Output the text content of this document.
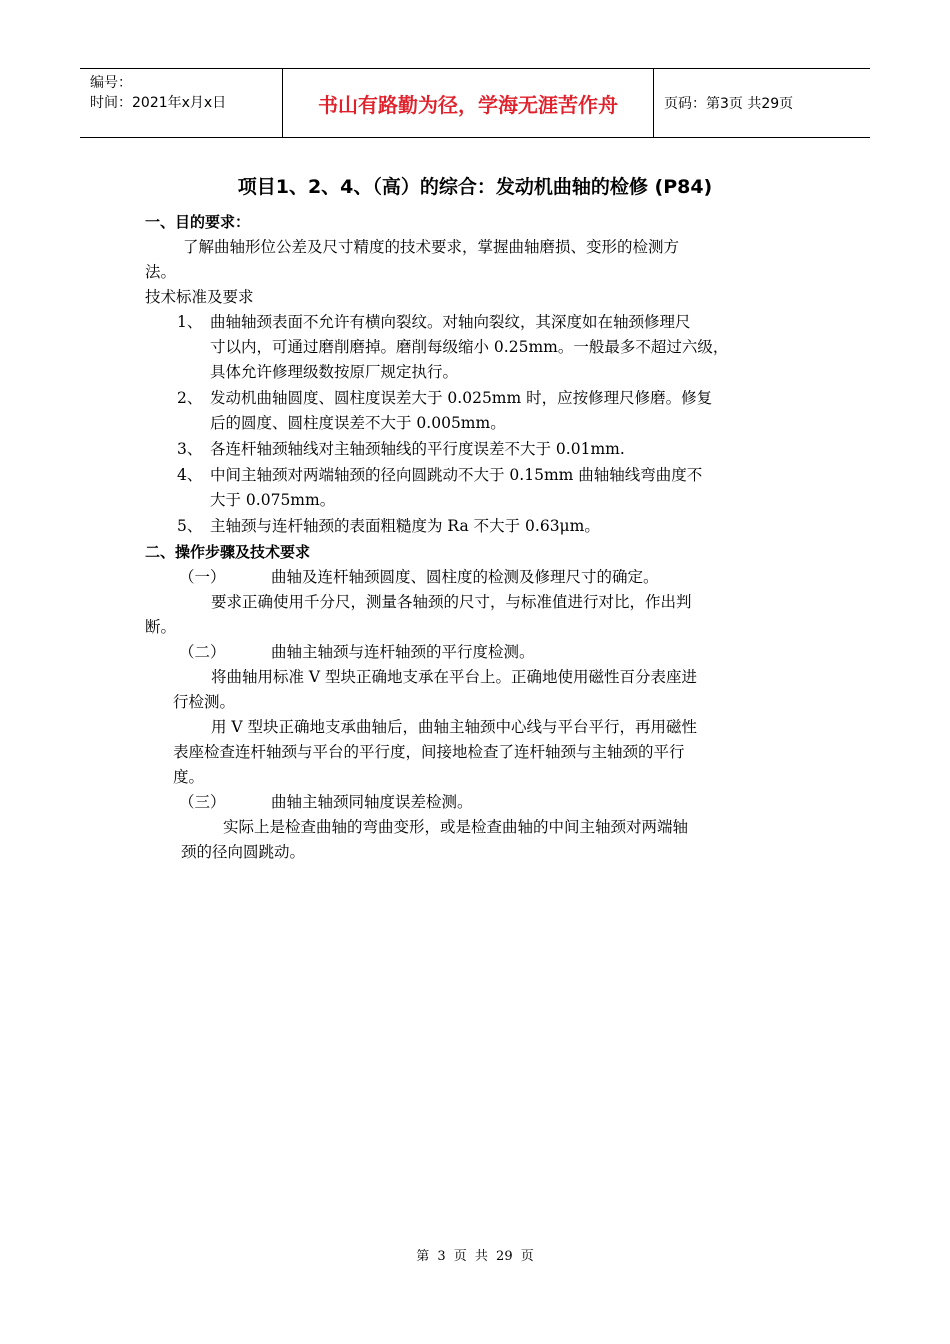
编号：
时间：2021年x月x日	书山有路勤为径，学海无涯苦作舟	页码：第3页 共29页
项目1、2、4、（高）的综合：发动机曲轴的检修 (P84)
一、目的要求：

了解曲轴形位公差及尺寸精度的技术要求，掌握曲轴磨损、变形的检测方

法。

技术标准及要求

1、 曲轴轴颈表面不允许有横向裂纹。对轴向裂纹，其深度如在轴颈修理尺
寸以内，可通过磨削磨掉。磨削每级缩小 0.25mm。一般最多不超过六级，
具体允许修理级数按原厂规定执行。
2、 发动机曲轴圆度、圆柱度误差大于 0.025mm 时，应按修理尺修磨。修复
后的圆度、圆柱度误差不大于 0.005mm。
3、 各连杆轴颈轴线对主轴颈轴线的平行度误差不大于 0.01mm.
4、 中间主轴颈对两端轴颈的径向圆跳动不大于 0.15mm 曲轴轴线弯曲度不
大于 0.075mm。
5、 主轴颈与连杆轴颈的表面粗糙度为 Ra 不大于 0.63μm。
二、操作步骤及技术要求

（一）	曲轴及连杆轴颈圆度、圆柱度的检测及修理尺寸的确定。

要求正确使用千分尺，测量各轴颈的尺寸，与标准值进行对比，作出判

断。

（二）	曲轴主轴颈与连杆轴颈的平行度检测。

将曲轴用标准 V 型块正确地支承在平台上。正确地使用磁性百分表座进

行检测。

用 V 型块正确地支承曲轴后，曲轴主轴颈中心线与平台平行，再用磁性

表座检查连杆轴颈与平台的平行度，间接地检查了连杆轴颈与主轴颈的平行

度。

（三）	曲轴主轴颈同轴度误差检测。

实际上是检查曲轴的弯曲变形，或是检查曲轴的中间主轴颈对两端轴

颈的径向圆跳动。

第 3 页 共 29 页
